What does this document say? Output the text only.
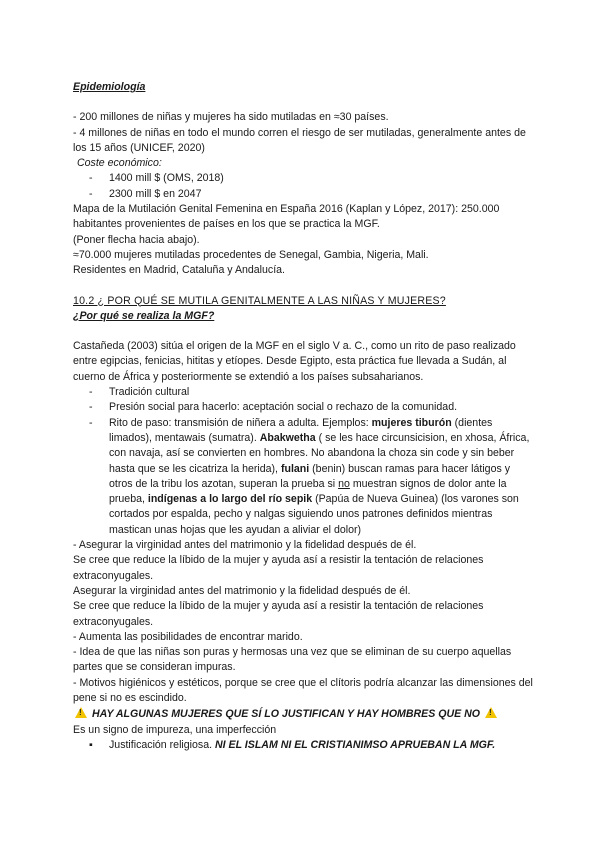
Epidemiología
- 200 millones de niñas y mujeres ha sido mutiladas en ≈30 países.
- 4 millones de niñas en todo el mundo corren el riesgo de ser mutiladas, generalmente antes de los 15 años (UNICEF, 2020)
Coste económico:
- 1400 mill $ (OMS, 2018)
- 2300 mill $ en 2047
Mapa de la Mutilación Genital Femenina en España 2016 (Kaplan y López, 2017): 250.000 habitantes provenientes de países en los que se practica la MGF.
(Poner flecha hacia abajo).
≈70.000 mujeres mutiladas procedentes de Senegal, Gambia, Nigeria, Mali.
Residentes en Madrid, Cataluña y Andalucía.
10.2 ¿ POR QUÉ SE MUTILA GENITALMENTE A LAS NIÑAS Y MUJERES?
¿Por qué se realiza la MGF?
Castañeda (2003) sitúa el origen de la MGF en el siglo V a. C., como un rito de paso realizado entre egipcias, fenicias, hititas y etíopes. Desde Egipto, esta práctica fue llevada a Sudán, al cuerno de África y posteriormente se extendió a los países subsaharianos.
- Tradición cultural
- Presión social para hacerlo: aceptación social o rechazo de la comunidad.
- Rito de paso: transmisión de niñera a adulta. Ejemplos: mujeres tiburón (dientes limados), mentawais (sumatra). Abakwetha ( se les hace circunsicision, en xhosa, África, con navaja, así se convierten en hombres. No abandona la choza sin code y sin beber hasta que se les cicatriza la herida), fulani (benin) buscan ramas para hacer látigos y otros de la tribu los azotan, superan la prueba si no muestran signos de dolor ante la prueba, indígenas a lo largo del río sepik (Papúa de Nueva Guinea) (los varones son cortados por espalda, pecho y nalgas siguiendo unos patrones definidos mientras mastican unas hojas que les ayudan a aliviar el dolor)
- Asegurar la virginidad antes del matrimonio y la fidelidad después de él.
Se cree que reduce la líbido de la mujer y ayuda así a resistir la tentación de relaciones extraconyugales.
Asegurar la virginidad antes del matrimonio y la fidelidad después de él.
Se cree que reduce la líbido de la mujer y ayuda así a resistir la tentación de relaciones extraconyugales.
- Aumenta las posibilidades de encontrar marido.
- Idea de que las niñas son puras y hermosas una vez que se eliminan de su cuerpo aquellas partes que se consideran impuras.
- Motivos higiénicos y estéticos, porque se cree que el clítoris podría alcanzar las dimensiones del pene si no es escindido.
! HAY ALGUNAS MUJERES QUE SÍ LO JUSTIFICAN Y HAY HOMBRES QUE NO !
Es un signo de impureza, una imperfección
▪ Justificación religiosa. NI EL ISLAM NI EL CRISTIANIMSO APRUEBAN LA MGF.
